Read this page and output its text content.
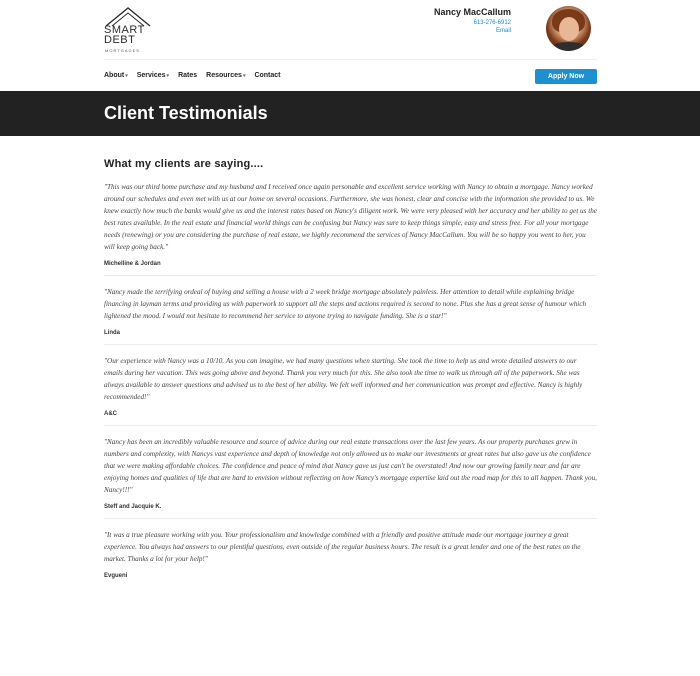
SMART DEBT
MORTGAGES
Nancy MacCallum
613-276-6912
Email
About ▾ Services ▾ Rates Resources ▾ Contact	Apply Now
Client Testimonials
What my clients are saying....

"This was our third home purchase and my husband and I received once again personable and excellent service working with Nancy to obtain a mortgage. Nancy worked around our schedules and even met with us at our home on several occasions. Furthermore, she was honest, clear and concise with the information she provided to us. We knew exactly how much the banks would give us and the interest rates based on Nancy's diligent work. We were very pleased with her accuracy and her ability to get us the best rates available. In the real estate and financial world things can be confusing but Nancy was sure to keep things simple, easy and stress free. For all your mortgage needs (renewing) or you are considering the purchase of real estate, we highly recommend the services of Nancy MacCallum. You will be so happy you went to her, you will keep going back."

Michelline & Jordan

"Nancy made the terrifying ordeal of buying and selling a house with a 2 week bridge mortgage absolutely painless. Her attention to detail while explaining bridge financing in layman terms and providing us with paperwork to support all the steps and actions required is second to none. Plus she has a great sense of humour which lightened the mood. I would not hesitate to recommend her service to anyone trying to navigate funding. She is a star!"

Linda

"Our experience with Nancy was a 10/10. As you can imagine, we had many questions when starting. She took the time to help us and wrote detailed answers to our emails during her vacation. This was going above and beyond. Thank you very much for this. She also took the time to walk us through all of the paperwork. She was always available to answer questions and advised us to the best of her ability. We felt well informed and her communication was prompt and effective. Nancy is highly recommended!"

A&C

"Nancy has been an incredibly valuable resource and source of advice during our real estate transactions over the last few years. As our property purchases grew in numbers and complexity, with Nancys vast experience and depth of knowledge not only allowed us to make our investments at great rates but also gave us the confidence that we were making affordable choices. The confidence and peace of mind that Nancy gave us just can't be overstated! And now our growing family near and far are enjoying homes and qualities of life that are hard to envision without reflecting on how Nancy's mortgage expertise laid out the road map for this to all happen. Thank you, Nancy!!!"

Steff and Jacquie K.

"It was a true pleasure working with you. Your professionalism and knowledge combined with a friendly and positive attitude made our mortgage journey a great experience. You always had answers to our plentiful questions, even outside of the regular business hours. The result is a great lender and one of the best rates on the market. Thanks a lot for your help!"

Evgueni
